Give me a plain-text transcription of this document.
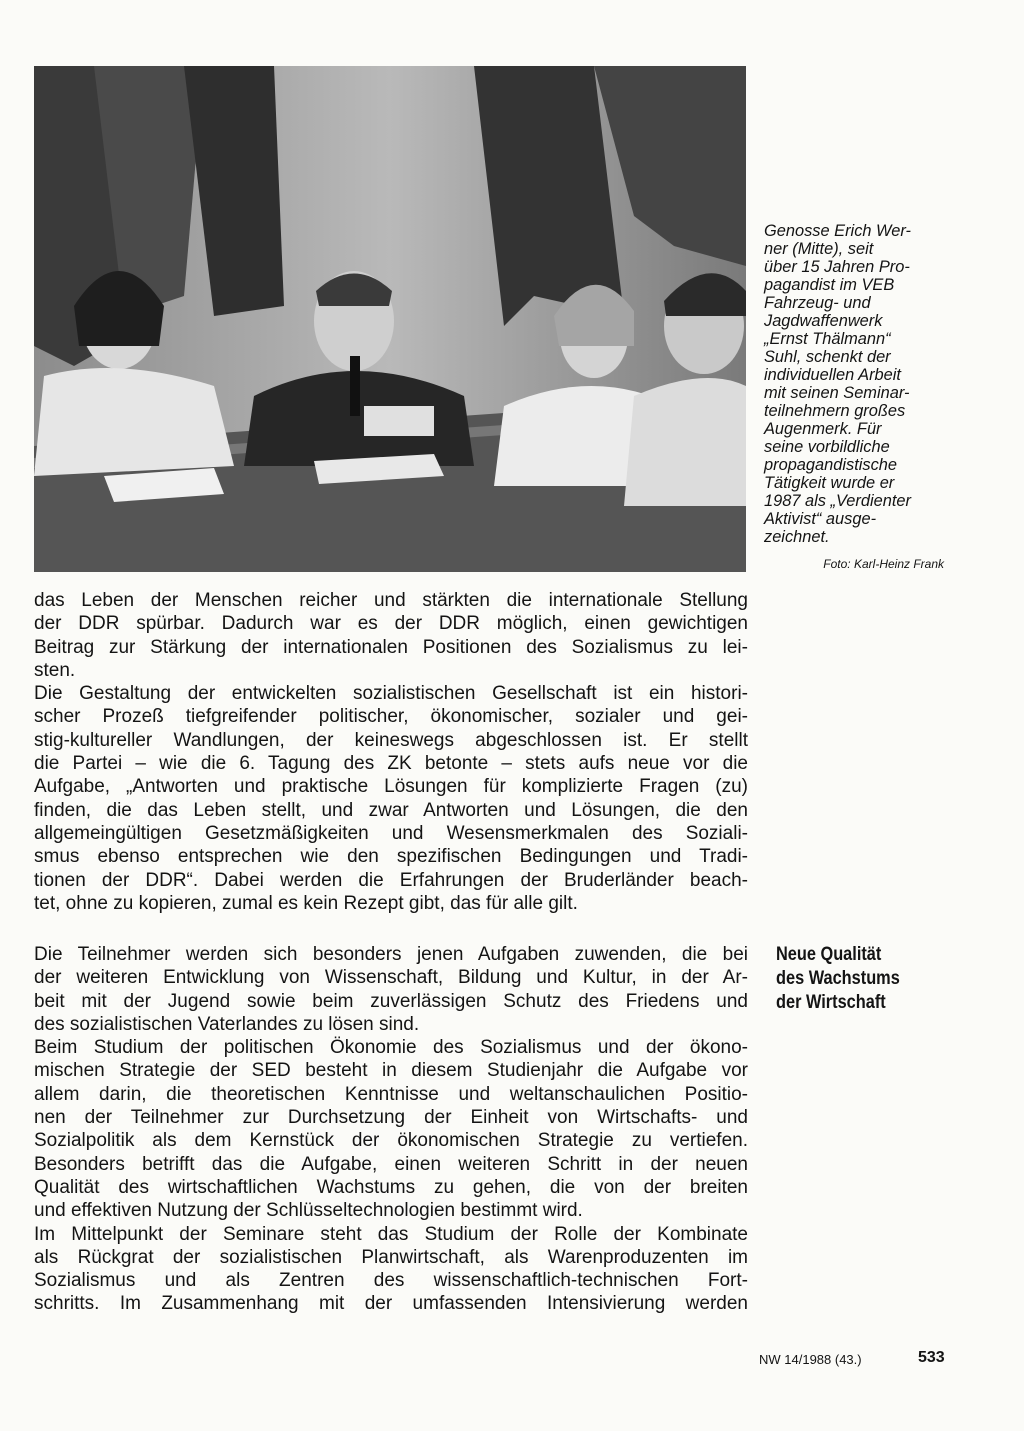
Genosse Erich Wer-
ner (Mitte), seit
über 15 Jahren Pro-
pagandist im VEB
Fahrzeug- und
Jagdwaffenwerk
„Ernst Thälmann“
Suhl, schenkt der
individuellen Arbeit
mit seinen Seminar-
teilnehmern großes
Augenmerk. Für
seine vorbildliche
propagandistische
Tätigkeit wurde er
1987 als „Verdienter
Aktivist“ ausge-
zeichnet.

Foto: Karl-Heinz Frank

das Leben der Menschen reicher und stärkten die internationale Stellung
der DDR spürbar. Dadurch war es der DDR möglich, einen gewichtigen
Beitrag zur Stärkung der internationalen Positionen des Sozialismus zu lei-
sten.
Die Gestaltung der entwickelten sozialistischen Gesellschaft ist ein histori-
scher Prozeß tiefgreifender politischer, ökonomischer, sozialer und gei-
stig-kultureller Wandlungen, der keineswegs abgeschlossen ist. Er stellt
die Partei – wie die 6. Tagung des ZK betonte – stets aufs neue vor die
Aufgabe, „Antworten und praktische Lösungen für komplizierte Fragen (zu)
finden, die das Leben stellt, und zwar Antworten und Lösungen, die den
allgemeingültigen Gesetzmäßigkeiten und Wesensmerkmalen des Soziali-
smus ebenso entsprechen wie den spezifischen Bedingungen und Tradi-
tionen der DDR“. Dabei werden die Erfahrungen der Bruderländer beach-
tet, ohne zu kopieren, zumal es kein Rezept gibt, das für alle gilt.

Die Teilnehmer werden sich besonders jenen Aufgaben zuwenden, die bei
der weiteren Entwicklung von Wissenschaft, Bildung und Kultur, in der Ar-
beit mit der Jugend sowie beim zuverlässigen Schutz des Friedens und
des sozialistischen Vaterlandes zu lösen sind.
Beim Studium der politischen Ökonomie des Sozialismus und der ökono-
mischen Strategie der SED besteht in diesem Studienjahr die Aufgabe vor
allem darin, die theoretischen Kenntnisse und weltanschaulichen Positio-
nen der Teilnehmer zur Durchsetzung der Einheit von Wirtschafts- und
Sozialpolitik als dem Kernstück der ökonomischen Strategie zu vertiefen.
Besonders betrifft das die Aufgabe, einen weiteren Schritt in der neuen
Qualität des wirtschaftlichen Wachstums zu gehen, die von der breiten
und effektiven Nutzung der Schlüsseltechnologien bestimmt wird.
Im Mittelpunkt der Seminare steht das Studium der Rolle der Kombinate
als Rückgrat der sozialistischen Planwirtschaft, als Warenproduzenten im
Sozialismus und als Zentren des wissenschaftlich-technischen Fort-
schritts. Im Zusammenhang mit der umfassenden Intensivierung werden

Neue Qualität
des Wachstums
der Wirtschaft
NW 14/1988 (43.)	533
